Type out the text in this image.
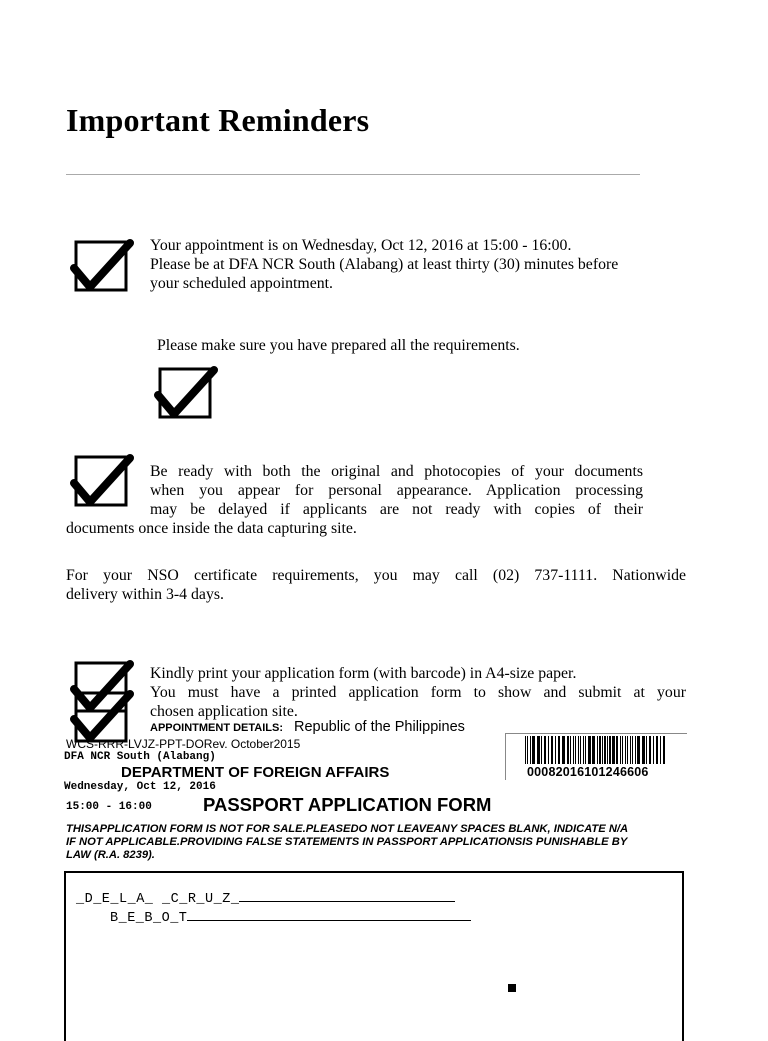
Important Reminders
Your appointment is on Wednesday, Oct 12, 2016 at 15:00 - 16:00.
Please be at DFA NCR South (Alabang) at least thirty (30) minutes before
your scheduled appointment.
Please make sure you have prepared all the requirements.
Be ready with both the original and photocopies of your documents
when you appear for personal appearance. Application processing
may be delayed if applicants are not ready with copies of their
documents once inside the data capturing site.
For your NSO certificate requirements, you may call (02) 737-1111. Nationwide
delivery within 3-4 days.
Kindly print your application form (with barcode) in A4-size paper.
You must have a printed application form to show and submit at your
chosen application site.
APPOINTMENT DETAILS: Republic of the Philippines
WCS-RRR-LVJZ-PPT-DORev. October2015
DFA NCR South (Alabang)
DEPARTMENT OF FOREIGN AFFAIRS
Wednesday, Oct 12, 2016
15:00 - 16:00	PASSPORT APPLICATION FORM
00082016101246606
THISAPPLICATION FORM IS NOT FOR SALE.PLEASEDO NOT LEAVEANY SPACES BLANK, INDICATE N/A
IF NOT APPLICABLE.PROVIDING FALSE STATEMENTS IN PASSPORT APPLICATIONSIS PUNISHABLE BY
LAW (R.A. 8239).
_D_E_L_A_ _C_R_U_Z_
B_E_B_O_T
